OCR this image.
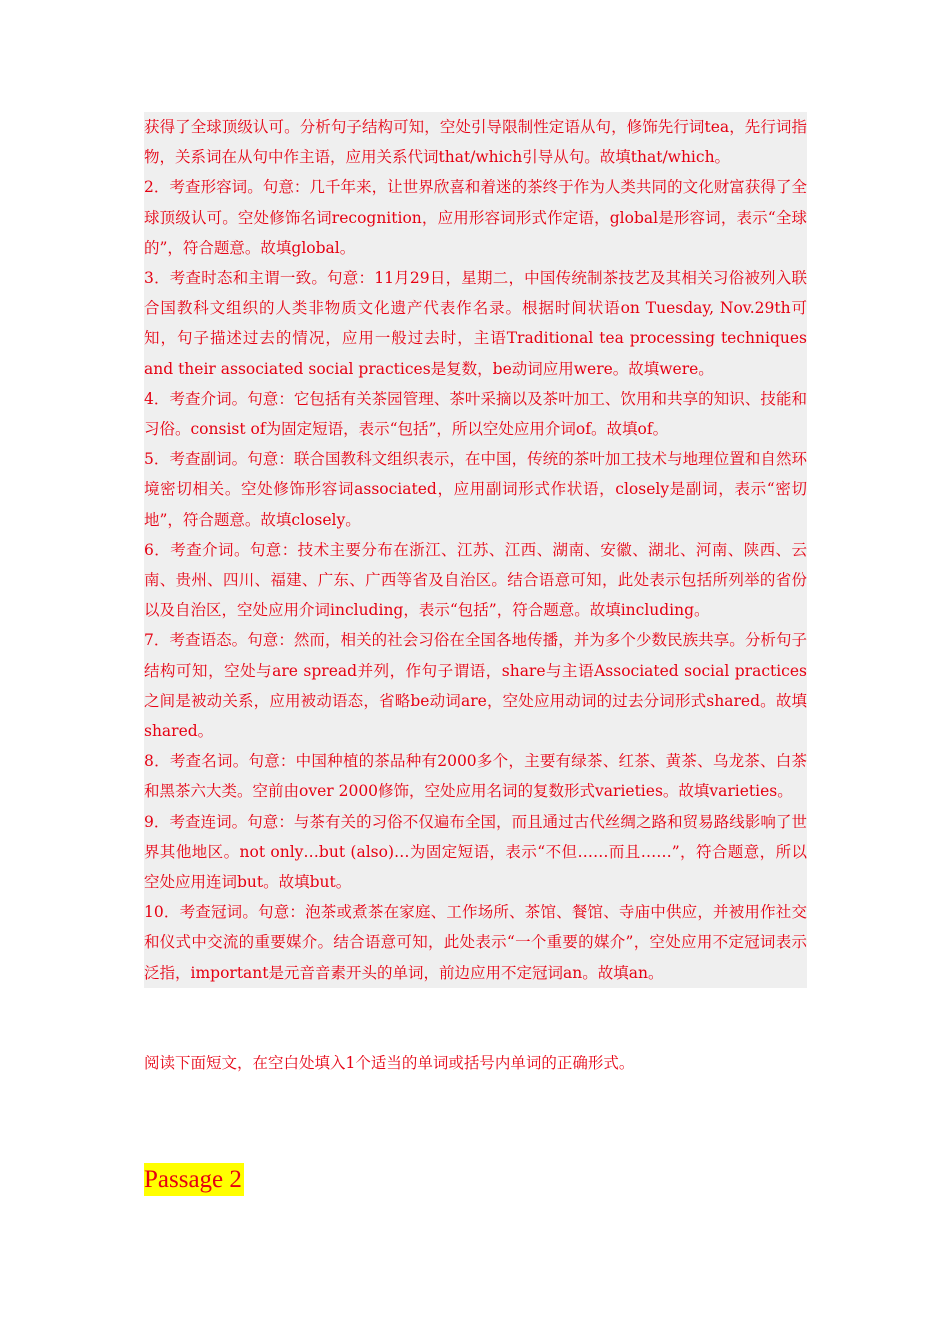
获得了全球顶级认可。分析句子结构可知，空处引导限制性定语从句，修饰先行词tea，先行词指物，关系词在从句中作主语，应用关系代词that/which引导从句。故填that/which。

2．考查形容词。句意：几千年来，让世界欣喜和着迷的茶终于作为人类共同的文化财富获得了全球顶级认可。空处修饰名词recognition，应用形容词形式作定语，global是形容词，表示“全球的”，符合题意。故填global。

3．考查时态和主谓一致。句意：11月29日，星期二，中国传统制茶技艺及其相关习俗被列入联合国教科文组织的人类非物质文化遗产代表作名录。根据时间状语on Tuesday, Nov.29th可知，句子描述过去的情况，应用一般过去时，主语Traditional tea processing techniques and their associated social practices是复数，be动词应用were。故填were。

4．考查介词。句意：它包括有关茶园管理、茶叶采摘以及茶叶加工、饮用和共享的知识、技能和习俗。consist of为固定短语，表示“包括”，所以空处应用介词of。故填of。

5．考查副词。句意：联合国教科文组织表示，在中国，传统的茶叶加工技术与地理位置和自然环境密切相关。空处修饰形容词associated，应用副词形式作状语，closely是副词，表示“密切地”，符合题意。故填closely。

6．考查介词。句意：技术主要分布在浙江、江苏、江西、湖南、安徽、湖北、河南、陕西、云南、贵州、四川、福建、广东、广西等省及自治区。结合语意可知，此处表示包括所列举的省份以及自治区，空处应用介词including，表示“包括”，符合题意。故填including。

7．考查语态。句意：然而，相关的社会习俗在全国各地传播，并为多个少数民族共享。分析句子结构可知，空处与are spread并列，作句子谓语，share与主语Associated social practices之间是被动关系，应用被动语态，省略be动词are，空处应用动词的过去分词形式shared。故填shared。

8．考查名词。句意：中国种植的茶品种有2000多个，主要有绿茶、红茶、黄茶、乌龙茶、白茶和黑茶六大类。空前由over 2000修饰，空处应用名词的复数形式varieties。故填varieties。

9．考查连词。句意：与茶有关的习俗不仅遍布全国，而且通过古代丝绸之路和贸易路线影响了世界其他地区。not only…but (also)…为固定短语，表示“不但……而且……”，符合题意，所以空处应用连词but。故填but。

10．考查冠词。句意：泡茶或煮茶在家庭、工作场所、茶馆、餐馆、寺庙中供应，并被用作社交和仪式中交流的重要媒介。结合语意可知，此处表示“一个重要的媒介”，空处应用不定冠词表示泛指，important是元音音素开头的单词，前边应用不定冠词an。故填an。

阅读下面短文，在空白处填入1个适当的单词或括号内单词的正确形式。

Passage 2
